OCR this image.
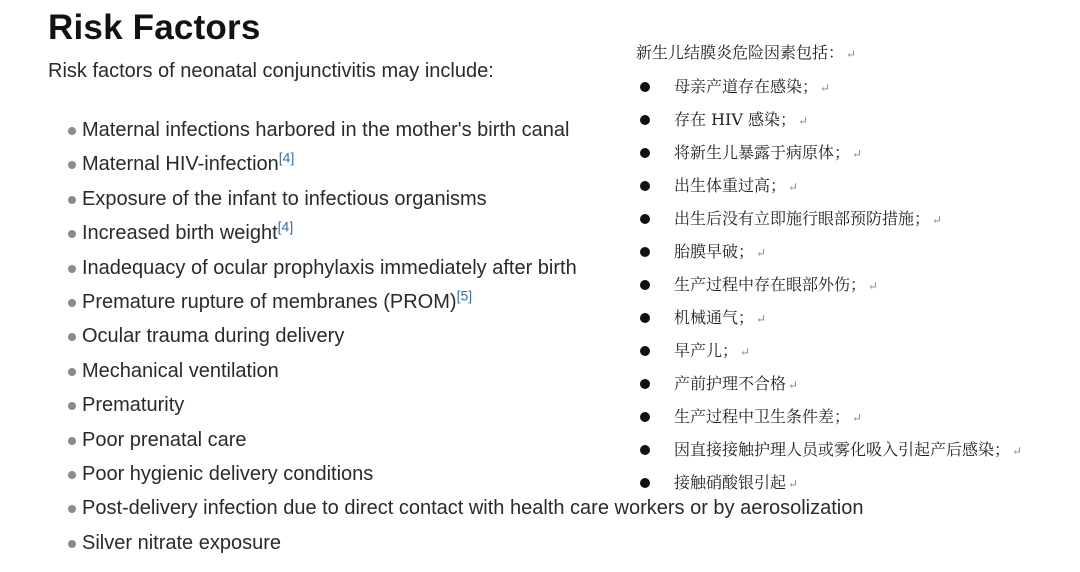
Risk Factors
Risk factors of neonatal conjunctivitis may include:
Maternal infections harbored in the mother's birth canal
Maternal HIV-infection[4]
Exposure of the infant to infectious organisms
Increased birth weight[4]
Inadequacy of ocular prophylaxis immediately after birth
Premature rupture of membranes (PROM)[5]
Ocular trauma during delivery
Mechanical ventilation
Prematurity
Poor prenatal care
Poor hygienic delivery conditions
Post-delivery infection due to direct contact with health care workers or by aerosolization
Silver nitrate exposure
新生儿结膜炎危险因素包括： ↵
母亲产道存在感染； ↵
存在 HIV 感染； ↵
将新生儿暴露于病原体； ↵
出生体重过高； ↵
出生后没有立即施行眼部预防措施； ↵
胎膜早破； ↵
生产过程中存在眼部外伤； ↵
机械通气； ↵
早产儿； ↵
产前护理不合格 ↵
生产过程中卫生条件差； ↵
因直接接触护理人员或雾化吸入引起产后感染； ↵
接触硝酸银引起 ↵
